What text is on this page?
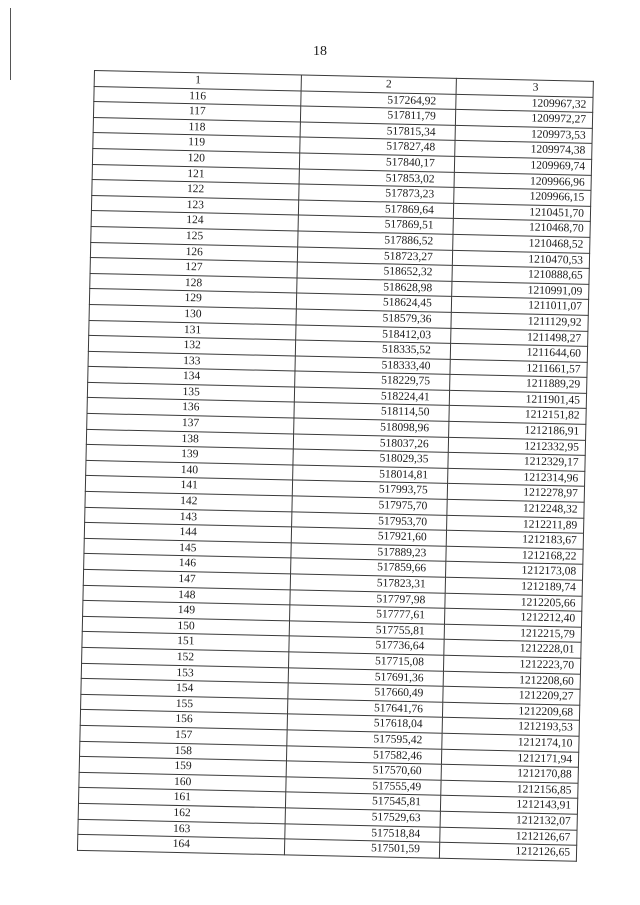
18
1	2	3
116	517264,92	1209967,32
117	517811,79	1209972,27
118	517815,34	1209973,53
119	517827,48	1209974,38
120	517840,17	1209969,74
121	517853,02	1209966,96
122	517873,23	1209966,15
123	517869,64	1210451,70
124	517869,51	1210468,70
125	517886,52	1210468,52
126	518723,27	1210470,53
127	518652,32	1210888,65
128	518628,98	1210991,09
129	518624,45	1211011,07
130	518579,36	1211129,92
131	518412,03	1211498,27
132	518335,52	1211644,60
133	518333,40	1211661,57
134	518229,75	1211889,29
135	518224,41	1211901,45
136	518114,50	1212151,82
137	518098,96	1212186,91
138	518037,26	1212332,95
139	518029,35	1212329,17
140	518014,81	1212314,96
141	517993,75	1212278,97
142	517975,70	1212248,32
143	517953,70	1212211,89
144	517921,60	1212183,67
145	517889,23	1212168,22
146	517859,66	1212173,08
147	517823,31	1212189,74
148	517797,98	1212205,66
149	517777,61	1212212,40
150	517755,81	1212215,79
151	517736,64	1212228,01
152	517715,08	1212223,70
153	517691,36	1212208,60
154	517660,49	1212209,27
155	517641,76	1212209,68
156	517618,04	1212193,53
157	517595,42	1212174,10
158	517582,46	1212171,94
159	517570,60	1212170,88
160	517555,49	1212156,85
161	517545,81	1212143,91
162	517529,63	1212132,07
163	517518,84	1212126,67
164	517501,59	1212126,65
